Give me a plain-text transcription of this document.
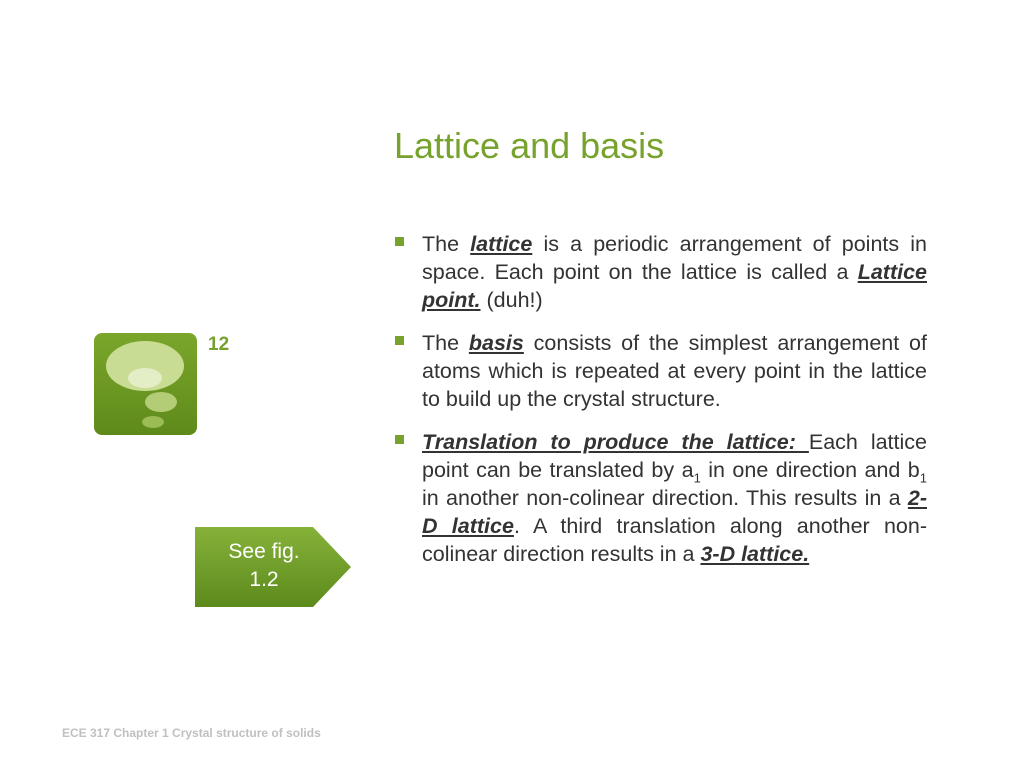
Lattice and basis
12
See fig.
1.2
The lattice is a periodic arrangement of points in space. Each point on the lattice is called a Lattice point. (duh!)
The basis consists of the simplest arrangement of atoms which is repeated at every point in the lattice to build up the crystal structure.
Translation to produce the lattice: Each lattice point can be translated by $a_1$ in one direction and $b_1$ in another non-colinear direction. This results in a 2-D lattice. A third translation along another non-colinear direction results in a 3-D lattice.
ECE 317 Chapter 1 Crystal structure of solids
